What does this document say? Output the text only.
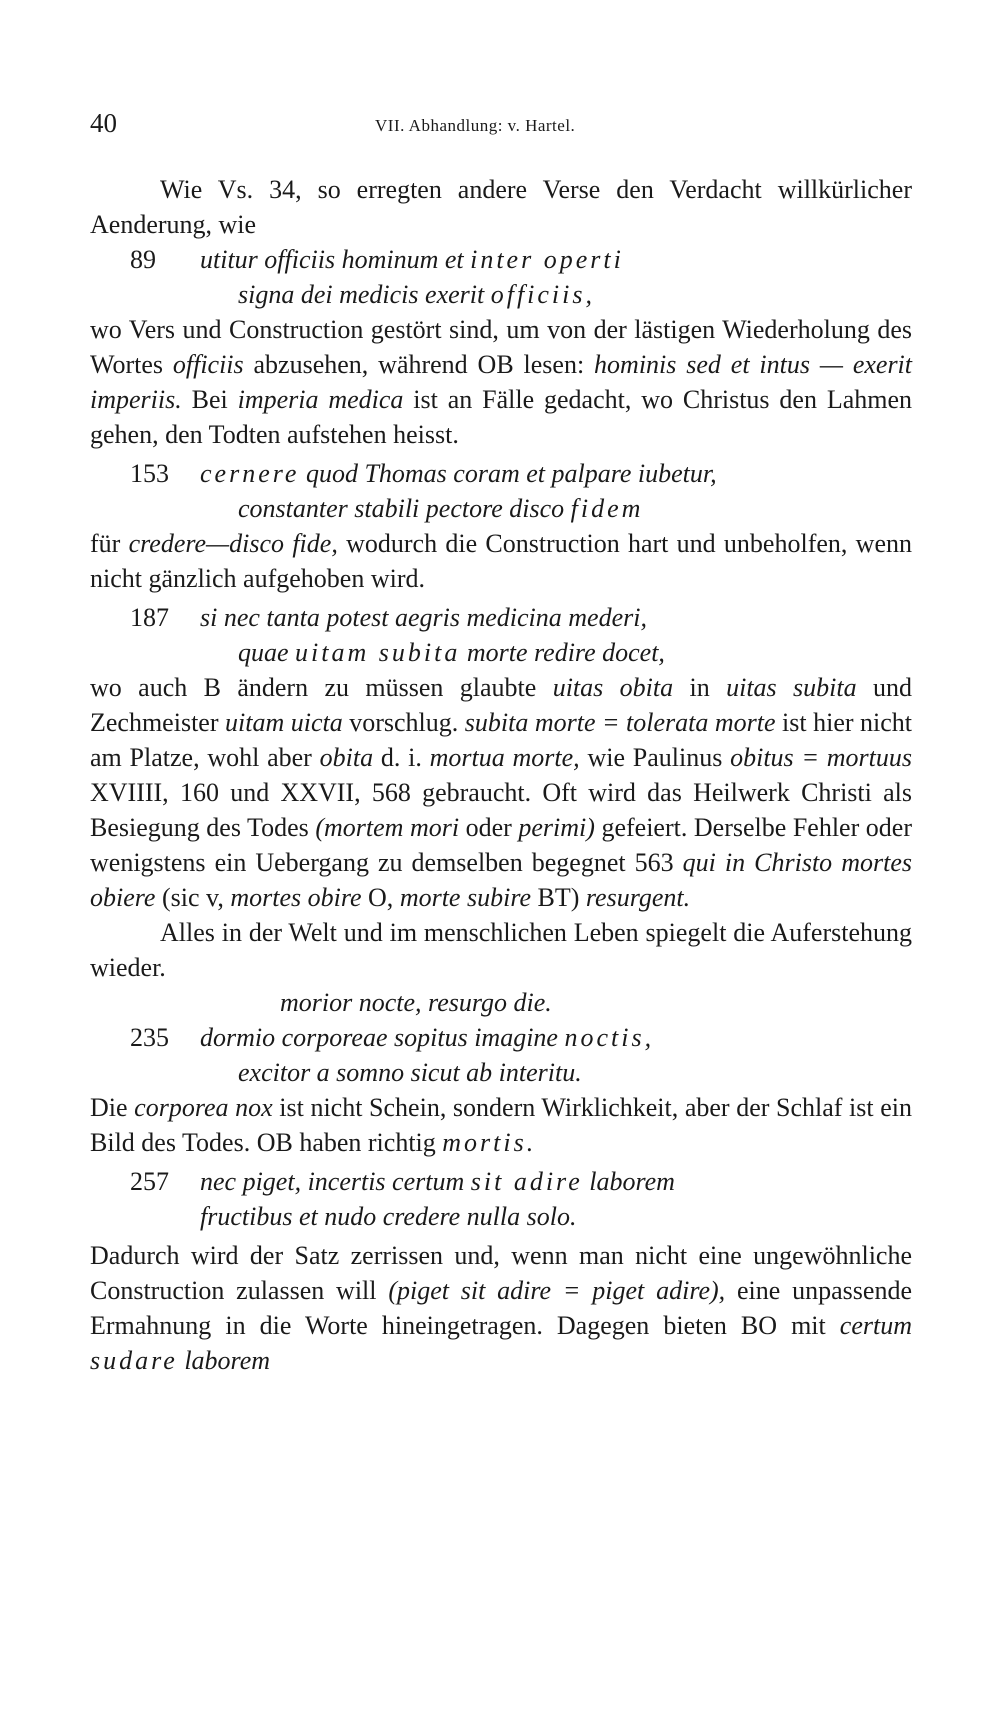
40	VII. Abhandlung: v. Hartel.

Wie Vs. 34, so erregten andere Verse den Verdacht willkürlicher Aenderung, wie

89 utitur officiis hominum et inter operti
signa dei medicis exerit officiis,

wo Vers und Construction gestört sind, um von der lästigen Wiederholung des Wortes officiis abzusehen, während OB lesen: hominis sed et intus — exerit imperiis. Bei imperia medica ist an Fälle gedacht, wo Christus den Lahmen gehen, den Todten aufstehen heisst.

153 cernere quod Thomas coram et palpare iubetur,
constanter stabili pectore disco fidem

für credere—disco fide, wodurch die Construction hart und unbeholfen, wenn nicht gänzlich aufgehoben wird.

187 si nec tanta potest aegris medicina mederi,
quae uitam subita morte redire docet,

wo auch B ändern zu müssen glaubte uitas obita in uitas subita und Zechmeister uitam uicta vorschlug. subita morte = tolerata morte ist hier nicht am Platze, wohl aber obita d. i. mortua morte, wie Paulinus obitus = mortuus XVIIII, 160 und XXVII, 568 gebraucht. Oft wird das Heilwerk Christi als Besiegung des Todes (mortem mori oder perimi) gefeiert. Derselbe Fehler oder wenigstens ein Uebergang zu demselben begegnet 563 qui in Christo mortes obiere (sic v, mortes obire O, morte subire BT) resurgent.

Alles in der Welt und im menschlichen Leben spiegelt die Auferstehung wieder.

morior nocte, resurgo die.
235 dormio corporeae sopitus imagine noctis,
excitor a somno sicut ab interitu.

Die corporea nox ist nicht Schein, sondern Wirklichkeit, aber der Schlaf ist ein Bild des Todes. OB haben richtig mortis.

257 nec piget, incertis certum sit adire laborem
fructibus et nudo credere nulla solo.

Dadurch wird der Satz zerrissen und, wenn man nicht eine ungewöhnliche Construction zulassen will (piget sit adire = piget adire), eine unpassende Ermahnung in die Worte hineingetragen. Dagegen bieten BO mit certum sudare laborem
